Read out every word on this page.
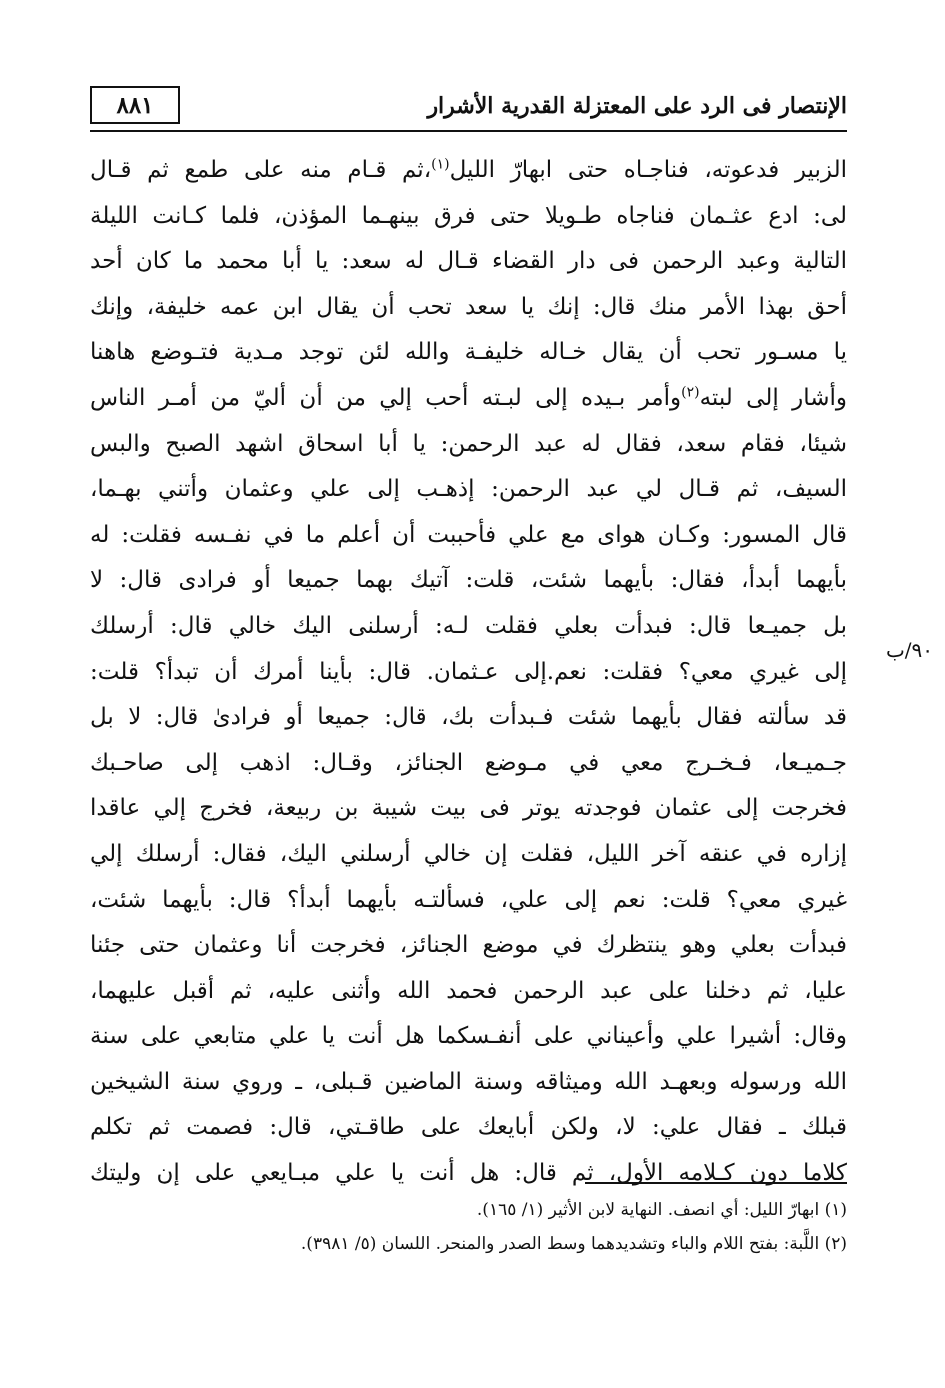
الإنتصار فى الرد على المعتزلة القدرية الأشرار
٨٨١
٩٠/ب
الزبير فدعوته، فناجـاه حتى ابهارّ الليل$^{(١)}$،ثم قـام منه على طمع ثم قـال
لى: ادع عثـمان فناجاه طـويلا حتى فرق بينهـما المؤذن، فلما كـانت الليلة
التالية وعبد الرحمن فى دار القضاء قـال له سعد: يا أبا محمد ما كان أحد
أحق بهذا الأمر منك قال: إنك يا سعد تحب أن يقال ابن عمه خليفة، وإنك
يا مسـور تحب أن يقال خـاله خليفـة والله لئن توجد مـدية فتـوضع هاهنا
وأشار إلى لبته$^{(٢)}$وأمر بـيده إلى لبـته أحب إلي من أن أليّ من أمـر الناس
شيئا، فقام سعد، فقال له عبد الرحمن: يا أبا اسحاق اشهد الصبح والبس
السيف، ثم قـال لي عبد الرحمن: إذهـب إلى علي وعثمان وأتني بهـما،
قال المسور: وكـان هواى مع علي فأحببت أن أعلم ما في نفـسه فقلت: له
بأيهما أبدأ، فقال: بأيهما شئت، قلت: آتيك بهما جميعا أو فرادى قال: لا
بل جميـعا قال: فبدأت بعلي فقلت لـه: أرسلنى اليك خالي قال: أرسلك
إلى غيري معي؟ فقلت: نعم.إلى عـثمان. قال: بأينا أمرك أن تبدأ؟ قلت:
قد سألته فقال بأيهما شئت فـبدأت بك، قال: جميعا أو فرادیٰ قال: لا بل
جـميـعا، فـخـرج معي في مـوضع الجنائز، وقـال: اذهب إلى صاحـبك
فخرجت إلى عثمان فوجدته يوتر فى بيت شيبة بن ربيعة، فخرج إلي عاقدا
إزاره في عنقه آخر الليل، فقلت إن خالي أرسلني اليك، فقال: أرسلك إلي
غيري معي؟ قلت: نعم إلى علي، فسألتـه بأيهما أبدأ؟ قال: بأيهما شئت،
فبدأت بعلي وهو ينتظرك في موضع الجنائز، فخرجت أنا وعثمان حتى جئنا
عليا، ثم دخلنا على عبد الرحمن فحمد الله وأثنى عليه، ثم أقبل عليهما،
وقال: أشيرا علي وأعيناني على أنفـسكما هل أنت يا علي متابعي على سنة
الله ورسوله وبعهـد الله وميثاقه وسنة الماضين قـبلى، ـ وروي سنة الشيخين
قبلك ـ فقال علي: لا، ولكن أبايعك على طاقـتي، قال: فصمت ثم تكلم
كلاما دون كـلامه الأول، ثم قال: هل أنت يا علي مبـايعي على إن وليتك
(١) ابهارّ الليل: أي انصف. النهاية لابن الأثير (١/ ١٦٥).
(٢) اللَّبة: بفتح اللام والباء وتشديدهما وسط الصدر والمنحر. اللسان (٥/ ٣٩٨١).
